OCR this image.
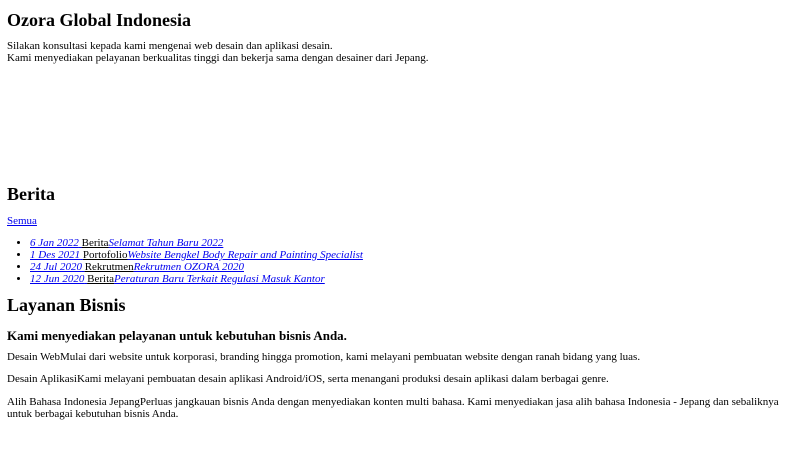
Ozora Global Indonesia

Silakan konsultasi kepada kami mengenai web desain dan aplikasi desain.
Kami menyediakan pelayanan berkualitas tinggi dan bekerja sama dengan desainer dari Jepang.

Berita

Semua

• 6 Jan 2022 BeritaSelamat Tahun Baru 2022
• 1 Des 2021 PortofolioWebsite Bengkel Body Repair and Painting Specialist
• 24 Jul 2020 RekrutmenRekrutmen OZORA 2020
• 12 Jun 2020 BeritaPeraturan Baru Terkait Regulasi Masuk Kantor
Layanan Bisnis
Kami menyediakan pelayanan untuk kebutuhan bisnis Anda.

Desain WebMulai dari website untuk korporasi, branding hingga promotion, kami melayani pembuatan website dengan ranah bidang yang luas.

Desain AplikasiKami melayani pembuatan desain aplikasi Android/iOS, serta menangani produksi desain aplikasi dalam berbagai genre.

Alih Bahasa Indonesia JepangPerluas jangkauan bisnis Anda dengan menyediakan konten multi bahasa. Kami menyediakan jasa alih bahasa Indonesia - Jepang dan sebaliknya untuk berbagai kebutuhan bisnis Anda.
